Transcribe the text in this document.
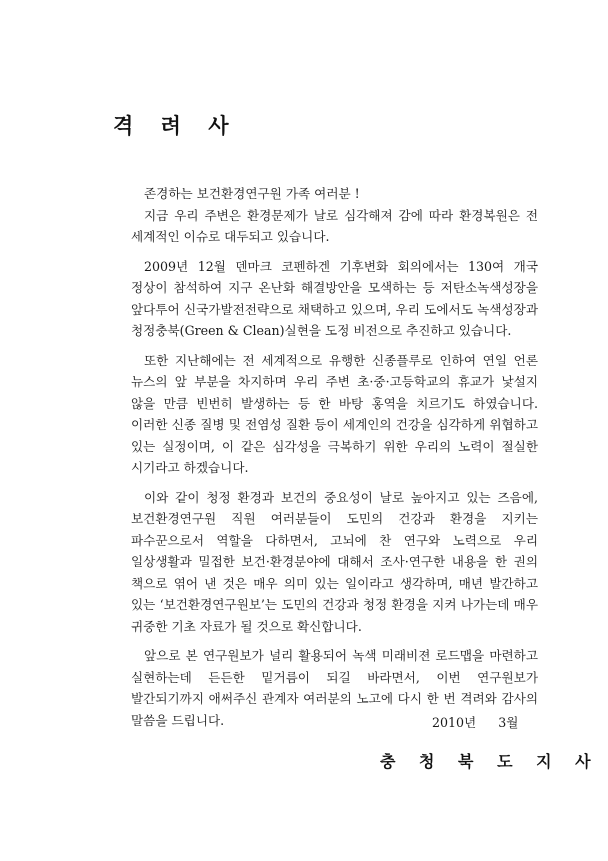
격 려 사

존경하는 보건환경연구원 가족 여러분 !

지금 우리 주변은 환경문제가 날로 심각해져 감에 따라 환경복원은 전 세계적인 이슈로 대두되고 있습니다.

2009년 12월 덴마크 코펜하겐 기후변화 회의에서는 130여 개국 정상이 참석하여 지구 온난화 해결방안을 모색하는 등 저탄소녹색성장을 앞다투어 신국가발전전략으로 채택하고 있으며, 우리 도에서도 녹색성장과 청정충북(Green & Clean)실현을 도정 비전으로 추진하고 있습니다.

또한 지난해에는 전 세계적으로 유행한 신종플루로 인하여 연일 언론 뉴스의 앞 부분을 차지하며 우리 주변 초·중·고등학교의 휴교가 낯설지 않을 만큼 빈번히 발생하는 등 한 바탕 홍역을 치르기도 하였습니다. 이러한 신종 질병 및 전염성 질환 등이 세계인의 건강을 심각하게 위협하고 있는 실정이며, 이 같은 심각성을 극복하기 위한 우리의 노력이 절실한 시기라고 하겠습니다.

이와 같이 청정 환경과 보건의 중요성이 날로 높아지고 있는 즈음에, 보건환경연구원 직원 여러분들이 도민의 건강과 환경을 지키는 파수꾼으로서 역할을 다하면서, 고뇌에 찬 연구와 노력으로 우리 일상생활과 밀접한 보건·환경분야에 대해서 조사·연구한 내용을 한 권의 책으로 엮어 낸 것은 매우 의미 있는 일이라고 생각하며, 매년 발간하고 있는 ‘보건환경연구원보’는 도민의 건강과 청정 환경을 지켜 나가는데 매우 귀중한 기초 자료가 될 것으로 확신합니다.

앞으로 본 연구원보가 널리 활용되어 녹색 미래비젼 로드맵을 마련하고 실현하는데 든든한 밑거름이 되길 바라면서, 이번 연구원보가 발간되기까지 애써주신 관계자 여러분의 노고에 다시 한 번 격려와 감사의 말씀을 드립니다.	2010년 3월
충 청 북 도 지 사
